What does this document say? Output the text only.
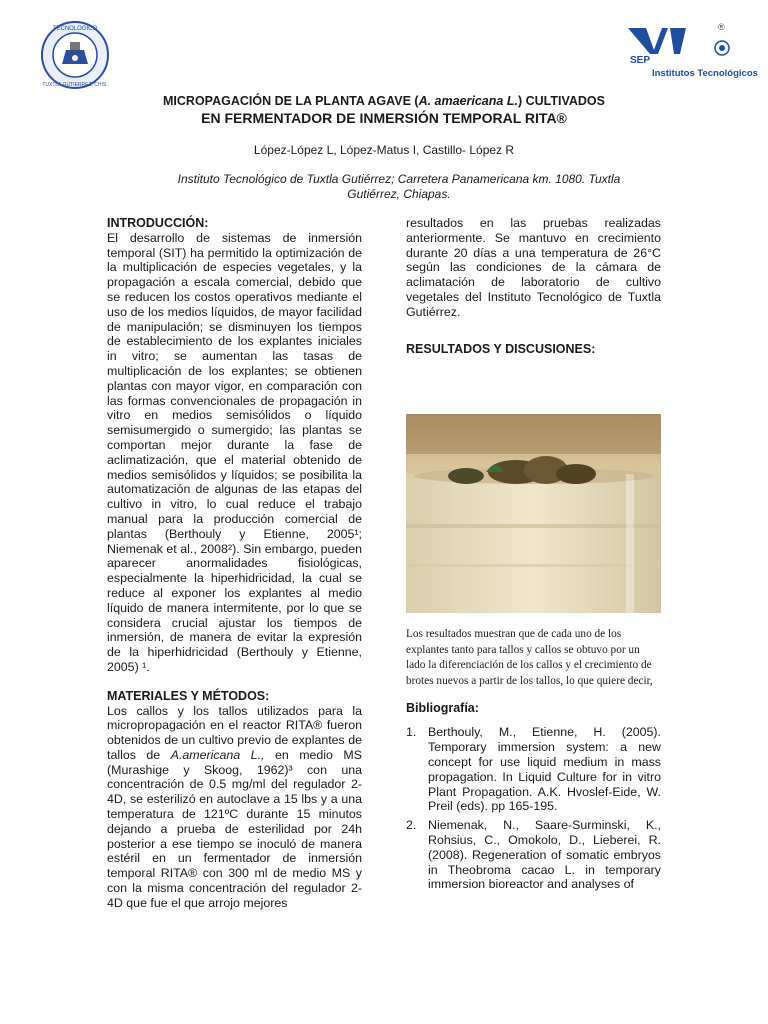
TECNOLOGICO
TUXTLA GUTIERREZ, CHIS.
®
SEP
Institutos Tecnológicos
MICROPAGACIÓN DE LA PLANTA AGAVE (A. amaericana L.) CULTIVADOS
EN FERMENTADOR DE INMERSIÓN TEMPORAL RITA®
López-López L, López-Matus I, Castillo- López R
Instituto Tecnológico de Tuxtla Gutiérrez; Carretera Panamericana km. 1080. Tuxtla Gutiérrez, Chiapas.

INTRODUCCIÓN:

El desarrollo de sistemas de inmersión temporal (SIT) ha permitido la optimización de la multiplicación de especies vegetales, y la propagación a escala comercial, debido que se reducen los costos operativos mediante el uso de los medios líquidos, de mayor facilidad de manipulación; se disminuyen los tiempos de establecimiento de los explantes iniciales in vitro; se aumentan las tasas de multiplicación de los explantes; se obtienen plantas con mayor vigor, en comparación con las formas convencionales de propagación in vitro en medios semisólidos o líquido semisumergido o sumergido; las plantas se comportan mejor durante la fase de aclimatización, que el material obtenido de medios semisólidos y líquidos; se posibilita la automatización de algunas de las etapas del cultivo in vitro, lo cual reduce el trabajo manual para la producción comercial de plantas (Berthouly y Etienne, 2005¹; Niemenak et al., 2008²). Sin embargo, pueden aparecer anormalidades fisiológicas, especialmente la hiperhidricidad, la cual se reduce al exponer los explantes al medio líquido de manera intermitente, por lo que se considera crucial ajustar los tiempos de inmersión, de manera de evitar la expresión de la hiperhidricidad (Berthouly y Etienne, 2005) ¹.

MATERIALES Y MÉTODOS:

Los callos y los tallos utilizados para la micropropagación en el reactor RITA® fueron obtenidos de un cultivo previo de explantes de tallos de A.americana L., en medio MS (Murashige y Skoog, 1962)³ con una concentración de 0.5 mg/ml del regulador 2-4D, se esterilizó en autoclave a 15 lbs y a una temperatura de 121ºC durante 15 minutos dejando a prueba de esterilidad por 24h posterior a ese tiempo se inoculó de manera estéril en un fermentador de inmersión temporal RITA® con 300 ml de medio MS y con la misma concentración del regulador 2-4D que fue el que arrojo mejores

resultados en las pruebas realizadas anteriormente. Se mantuvo en crecimiento durante 20 días a una temperatura de 26°C según las condiciones de la cámara de aclimatación de laboratorio de cultivo vegetales del Instituto Tecnológico de Tuxtla Gutiérrez.

RESULTADOS Y DISCUSIONES:

Los resultados muestran que de cada uno de los explantes tanto para tallos y callos se obtuvo por un lado la diferenciación de los callos y el crecimiento de brotes nuevos a partir de los tallos, lo que quiere decir,

Bibliografía:

1. Berthouly, M., Etienne, H. (2005). Temporary immersion system: a new concept for use liquid medium in mass propagation. In Liquid Culture for in vitro Plant Propagation. A.K. Hvoslef-Eide, W. Preil (eds). pp 165-195.
2. Niemenak, N., Saare-Surminski, K., Rohsius, C., Omokolo, D., Lieberei, R. (2008). Regeneration of somatic embryos in Theobroma cacao L. in temporary immersion bioreactor and analyses of
